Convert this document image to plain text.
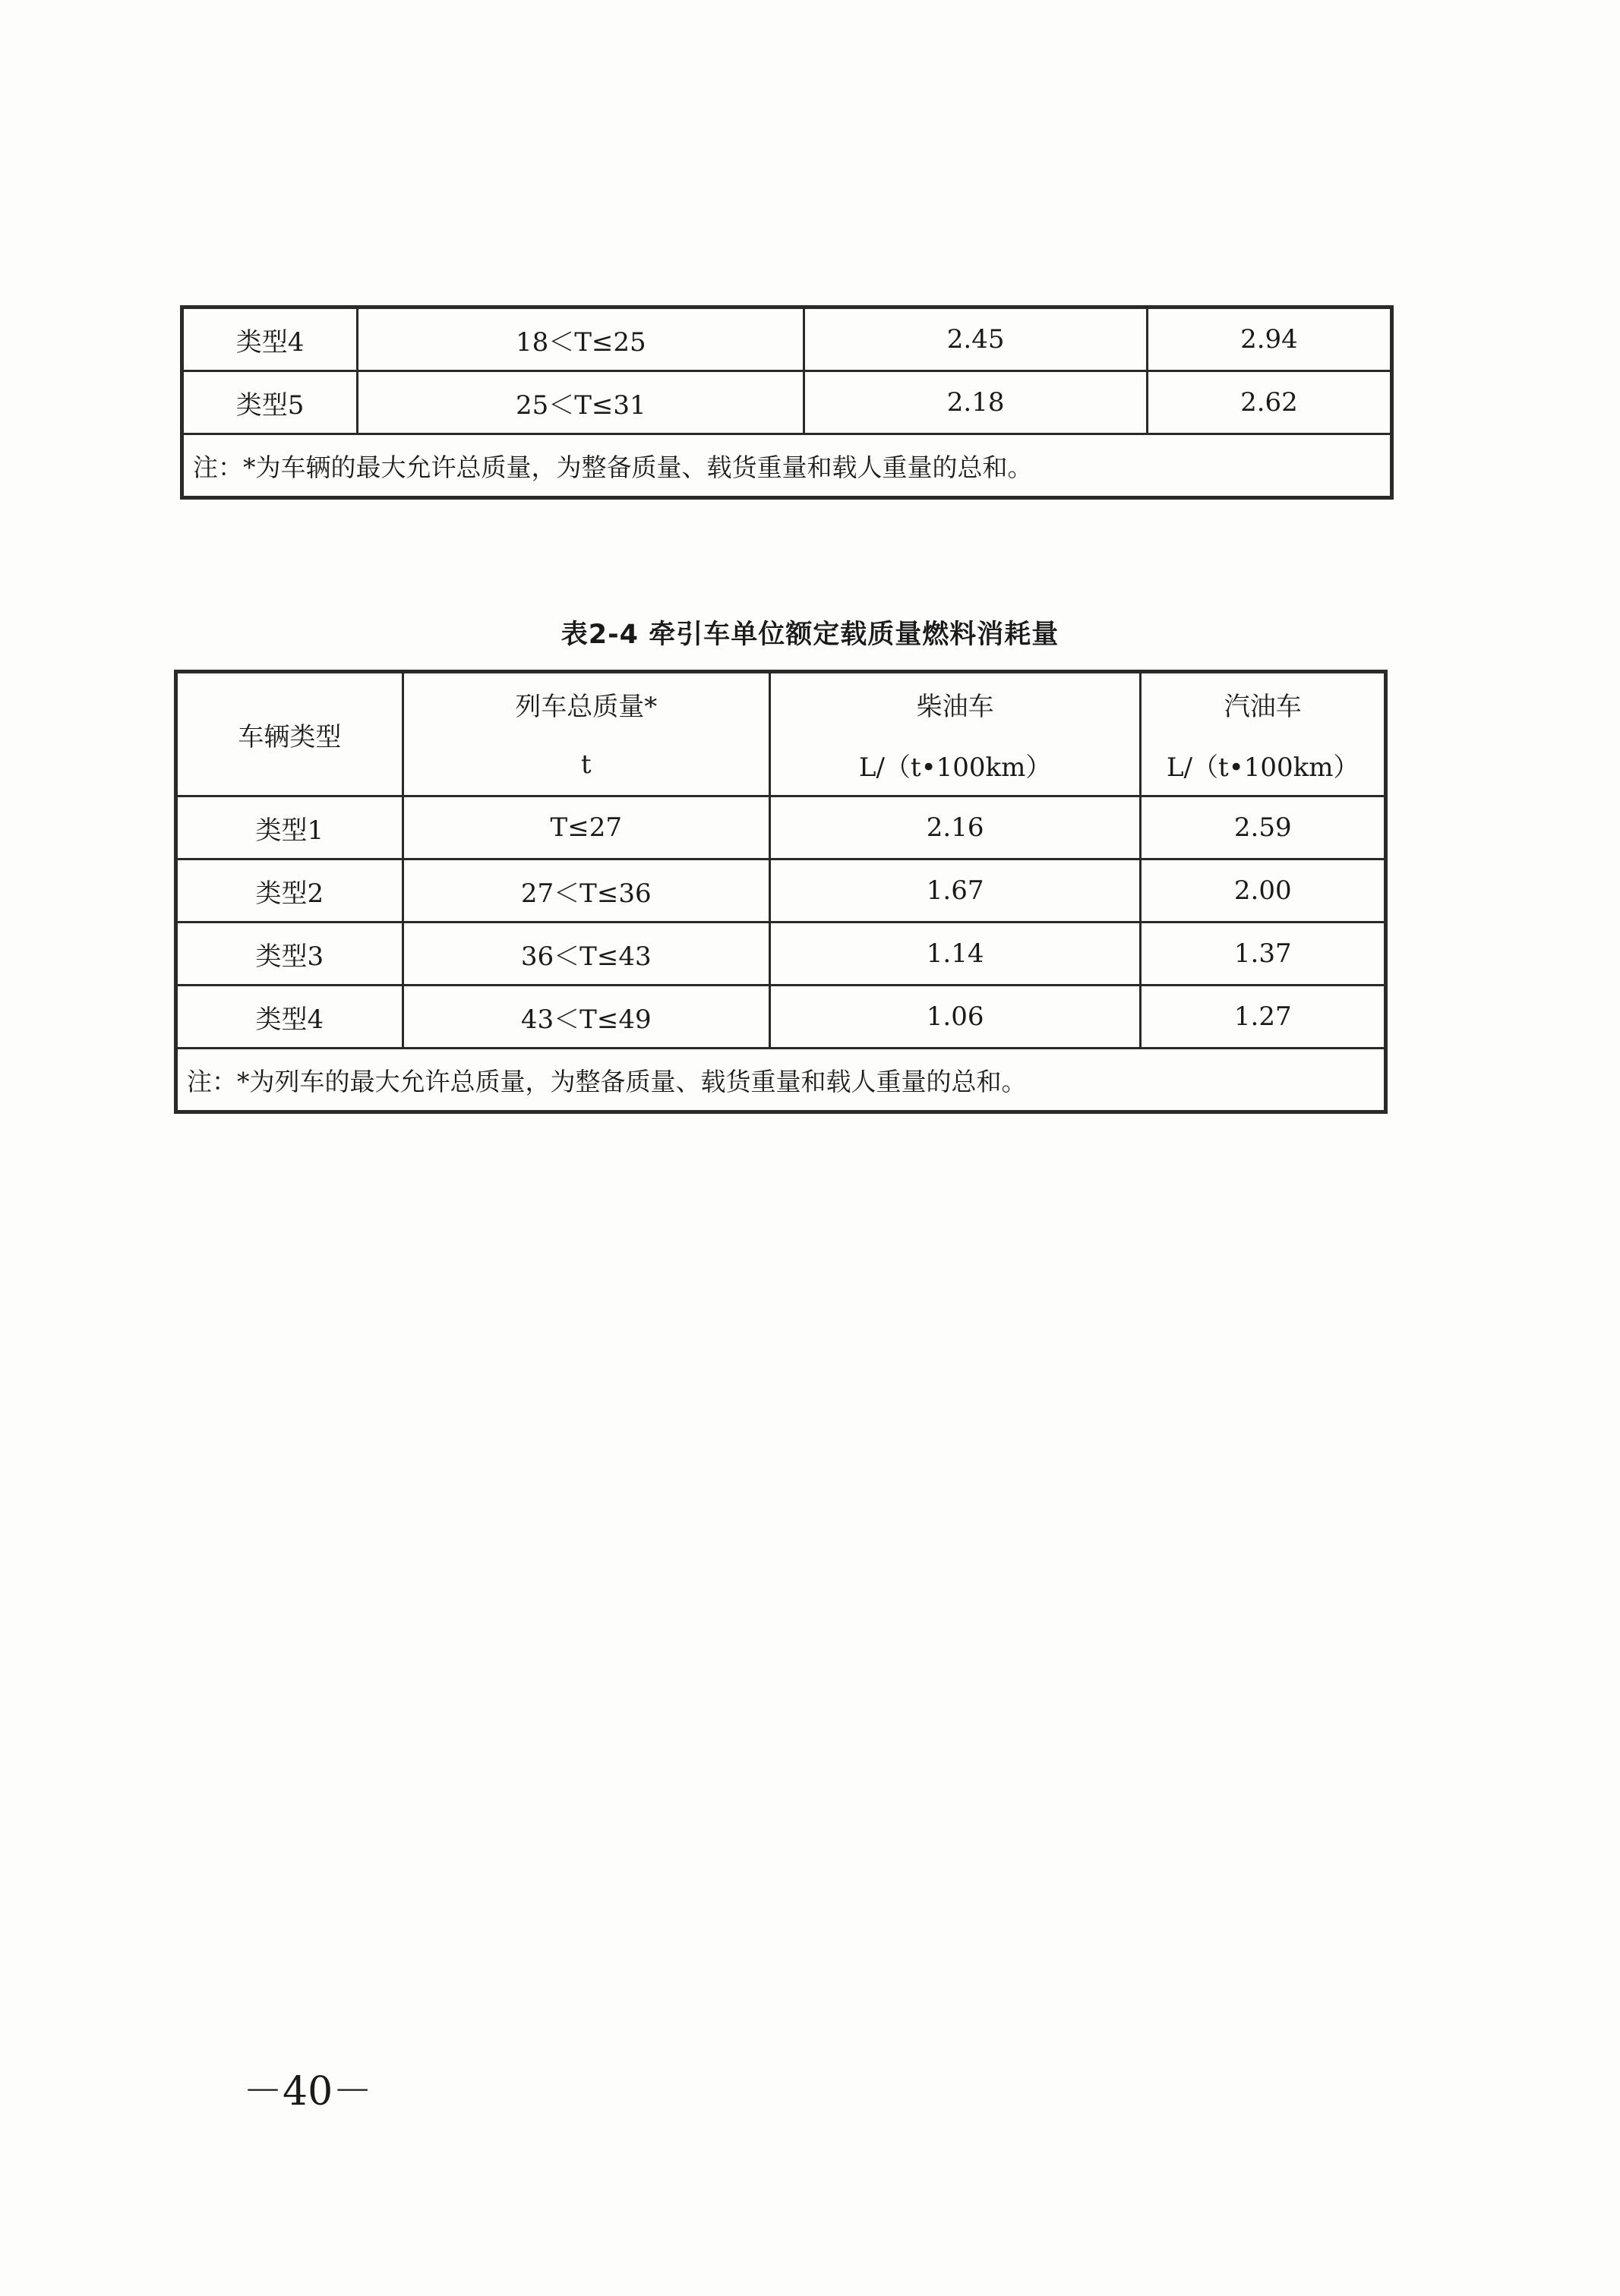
类型4	18＜T≤25	2.45	2.94
类型5	25＜T≤31	2.18	2.62
注：*为车辆的最大允许总质量，为整备质量、载货重量和载人重量的总和。			
表2-4 牵引车单位额定载质量燃料消耗量
车辆类型	列车总质量*	柴油车	汽油车
	t	L/（t•100km）	L/（t•100km）
类型1	T≤27	2.16	2.59
类型2	27＜T≤36	1.67	2.00
类型3	36＜T≤43	1.14	1.37
类型4	43＜T≤49	1.06	1.27
注：*为列车的最大允许总质量，为整备质量、载货重量和载人重量的总和。			
－40－
